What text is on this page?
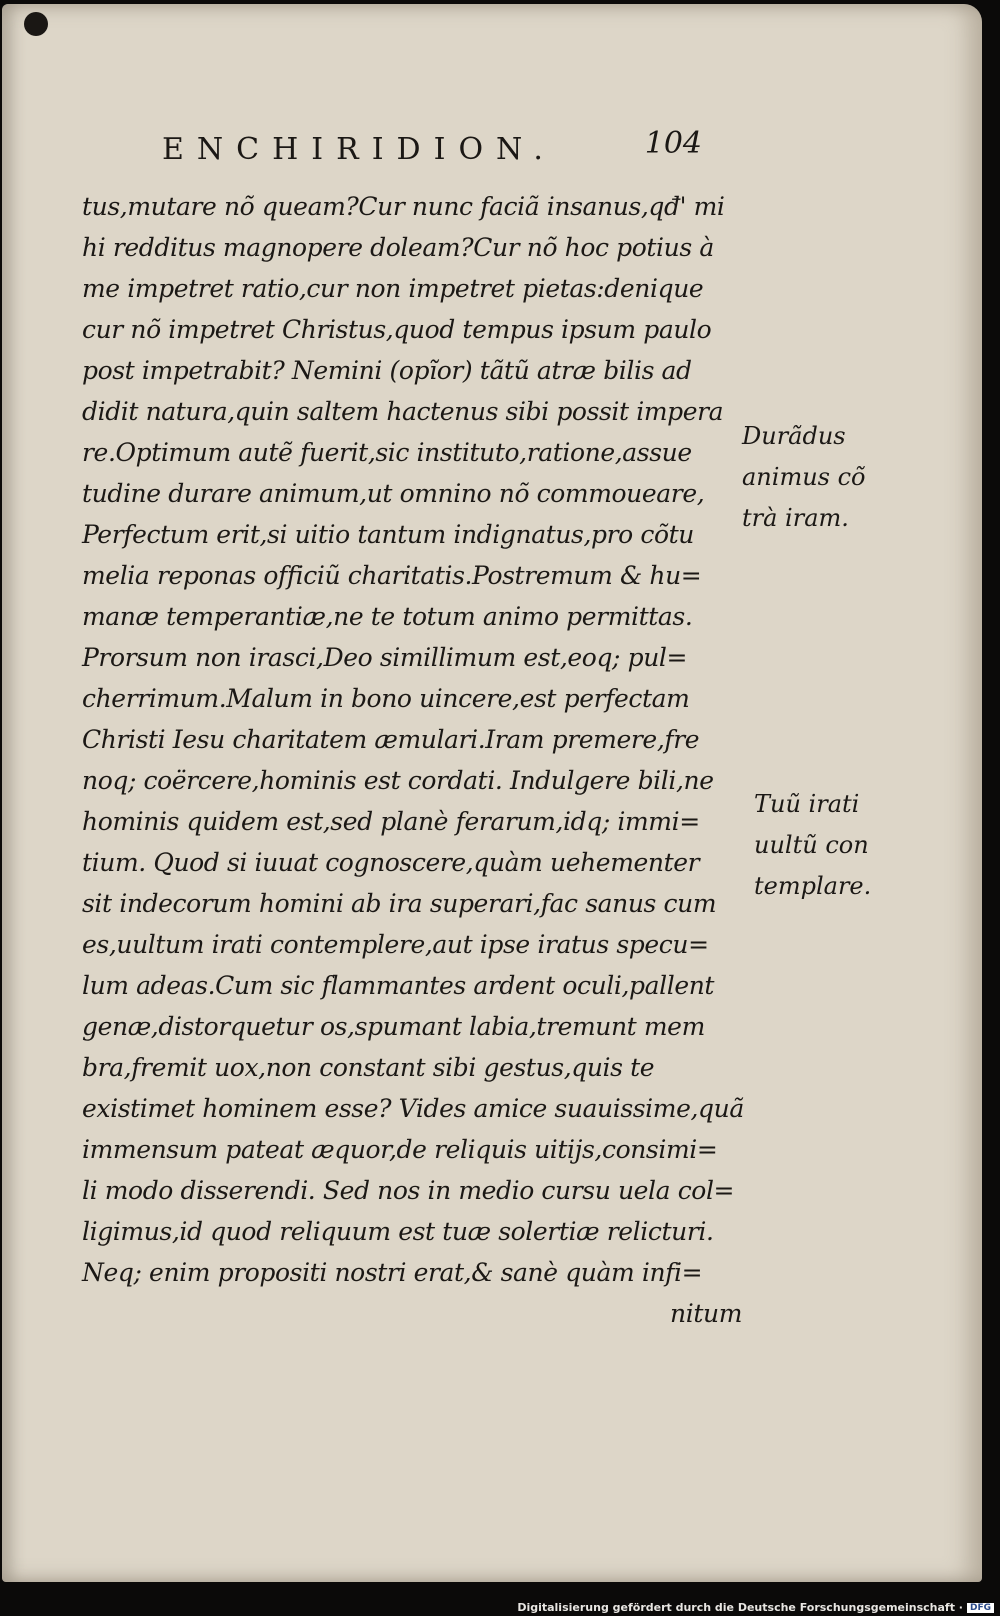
ENCHIRIDION.	104
tus,mutare nõ queam?Cur nunc faciã insanus,qđ' mi
hi redditus magnopere doleam?Cur nõ hoc potius à
me impetret ratio,cur non impetret pietas:denique
cur nõ impetret Christus,quod tempus ipsum paulo
post impetrabit? Nemini (opĩor) tãtũ atræ bilis ad
didit natura,quin saltem hactenus sibi possit impera
re.Optimum autẽ fuerit,sic instituto,ratione,assue
tudine durare animum,ut omnino nõ commoueare,
Perfectum erit,si uitio tantum indignatus,pro cõtu
melia reponas officiũ charitatis.Postremum & hu=
manæ temperantiæ,ne te totum animo permittas.
Prorsum non irasci,Deo simillimum est,eoq; pul=
cherrimum.Malum in bono uincere,est perfectam
Christi Iesu charitatem æmulari.Iram premere,fre
noq; coërcere,hominis est cordati. Indulgere bili,ne
hominis quidem est,sed planè ferarum,idq; immi=
tium. Quod si iuuat cognoscere,quàm uehementer
sit indecorum homini ab ira superari,fac sanus cum
es,uultum irati contemplere,aut ipse iratus specu=
lum adeas.Cum sic flammantes ardent oculi,pallent
genæ,distorquetur os,spumant labia,tremunt mem
bra,fremit uox,non constant sibi gestus,quis te
existimet hominem esse? Vides amice suauissime,quã
immensum pateat æquor,de reliquis uitijs,consimi=
li modo disserendi. Sed nos in medio cursu uela col=
ligimus,id quod reliquum est tuæ solertiæ relicturi.
Neq; enim propositi nostri erat,& sanè quàm infi=
nitum
Durãdus
animus cõ
trà iram.
Tuũ irati
uultũ con
templare.
Digitalisierung gefördert durch die Deutsche Forschungsgemeinschaft · DFG
